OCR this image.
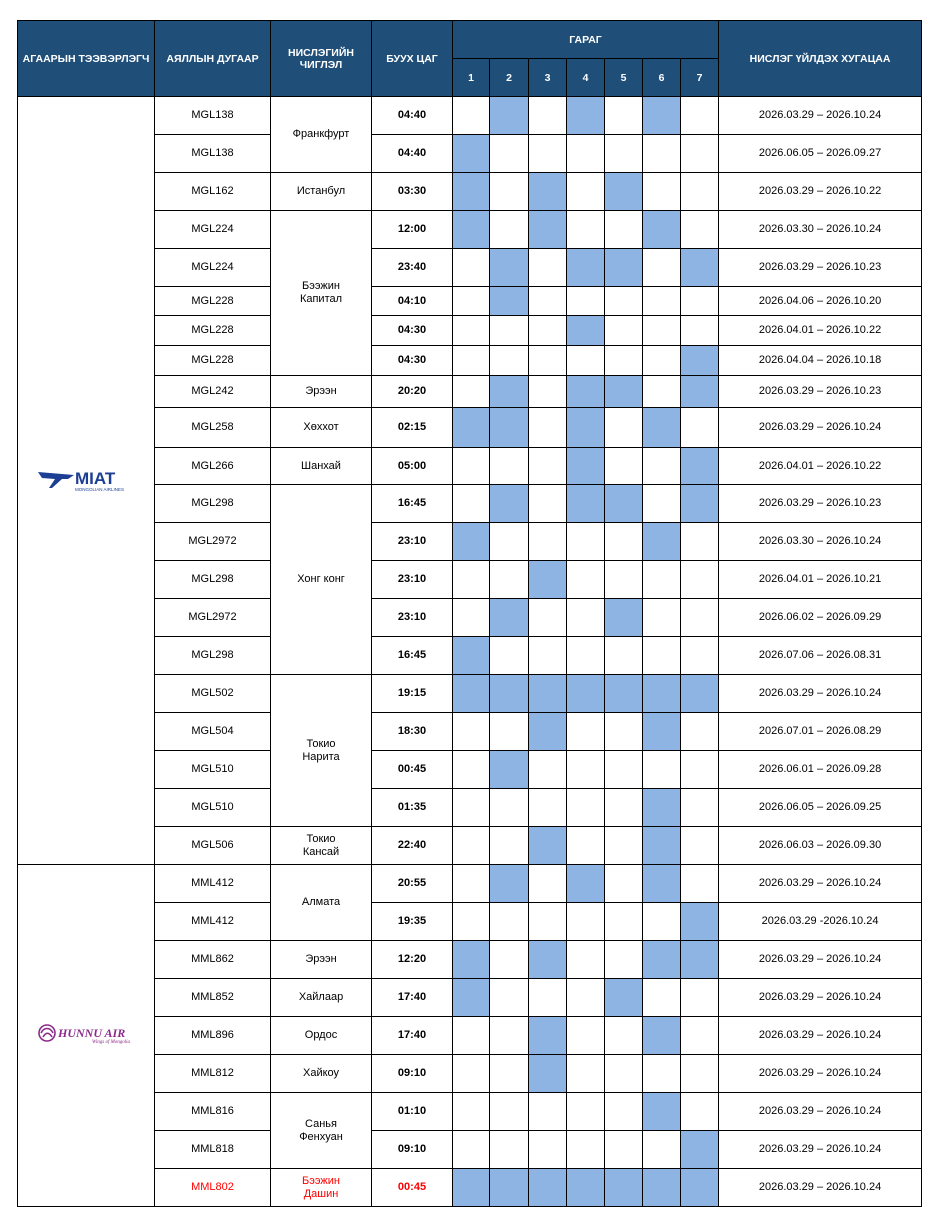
АГААРЫН ТЭЭВЭРЛЭГЧ	АЯЛЛЫН ДУГААР	НИСЛЭГИЙН ЧИГЛЭЛ	БУУХ ЦАГ	ГАРАГ							НИСЛЭГ ҮЙЛДЭХ ХУГАЦАА
				1	2	3	4	5	6	7	

MIAT
MONGOLIAN AIRLINES	MGL138	Франкфурт	04:40								2026.03.29 – 2026.10.24
	MGL138		04:40								2026.06.05 – 2026.09.27
	MGL162	Истанбул	03:30								2026.03.29 – 2026.10.22
	MGL224	Бээжин Капитал	12:00								2026.03.30 – 2026.10.24
	MGL224		23:40								2026.03.29 – 2026.10.23
	MGL228		04:10								2026.04.06 – 2026.10.20
	MGL228		04:30								2026.04.01 – 2026.10.22
	MGL228		04:30								2026.04.04 – 2026.10.18
	MGL242	Эрээн	20:20								2026.03.29 – 2026.10.23
	MGL258	Хөххот	02:15								2026.03.29 – 2026.10.24
	MGL266	Шанхай	05:00								2026.04.01 – 2026.10.22
	MGL298	Хонг конг	16:45								2026.03.29 – 2026.10.23
	MGL2972		23:10								2026.03.30 – 2026.10.24
	MGL298		23:10								2026.04.01 – 2026.10.21
	MGL2972		23:10								2026.06.02 – 2026.09.29
	MGL298		16:45								2026.07.06 – 2026.08.31
	MGL502	Токио Нарита	19:15								2026.03.29 – 2026.10.24
	MGL504		18:30								2026.07.01 – 2026.08.29
	MGL510		00:45								2026.06.01 – 2026.09.28
	MGL510		01:35								2026.06.05 – 2026.09.25
	MGL506	Токио Кансай	22:40								2026.06.03 – 2026.09.30

HUNNU AIR
Wings of Mongolia	MML412	Алмата	20:55								2026.03.29 – 2026.10.24
	MML412		19:35								2026.03.29 -2026.10.24
	MML862	Эрээн	12:20								2026.03.29 – 2026.10.24
	MML852	Хайлаар	17:40								2026.03.29 – 2026.10.24
	MML896	Ордос	17:40								2026.03.29 – 2026.10.24
	MML812	Хайкоу	09:10								2026.03.29 – 2026.10.24
	MML816	Санья Фенхуан	01:10								2026.03.29 – 2026.10.24
	MML818		09:10								2026.03.29 – 2026.10.24
	MML802	Бээжин Дашин	00:45								2026.03.29 – 2026.10.24
